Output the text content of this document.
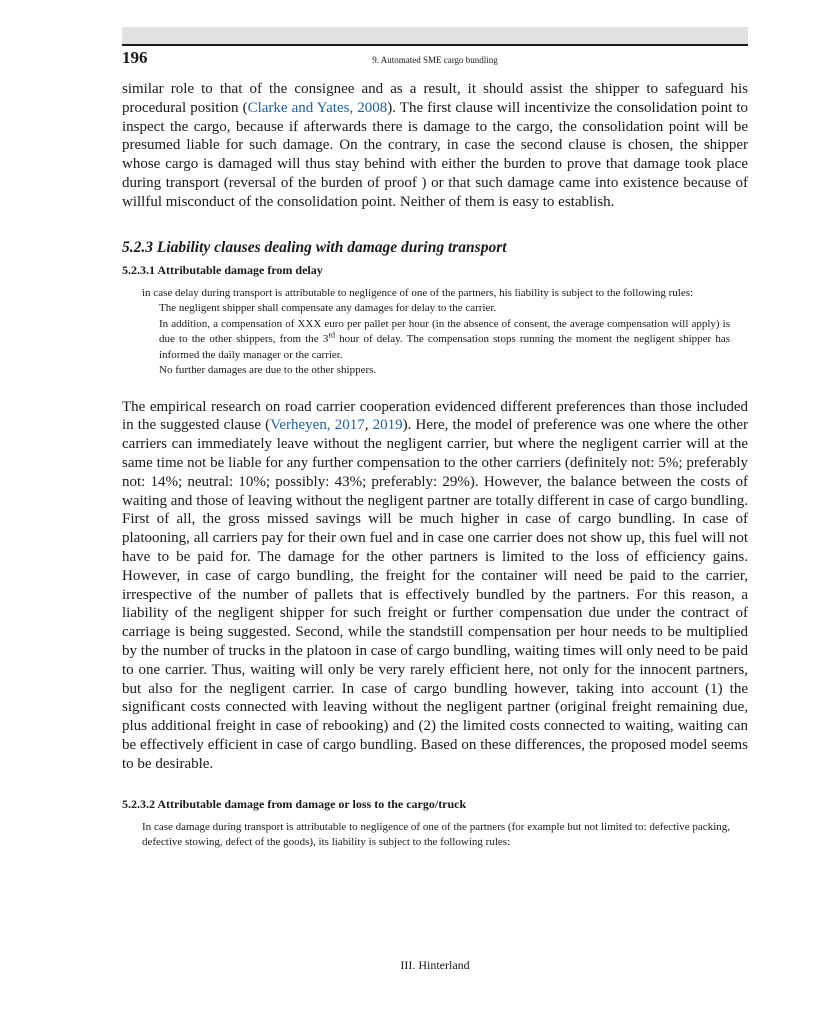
196	9. Automated SME cargo bundling

similar role to that of the consignee and as a result, it should assist the shipper to safeguard his procedural position (Clarke and Yates, 2008). The first clause will incentivize the consolidation point to inspect the cargo, because if afterwards there is damage to the cargo, the consolidation point will be presumed liable for such damage. On the contrary, in case the second clause is chosen, the shipper whose cargo is damaged will thus stay behind with either the burden to prove that damage took place during transport (reversal of the burden of proof ) or that such damage came into existence because of willful misconduct of the consolidation point. Neither of them is easy to establish.

5.2.3 Liability clauses dealing with damage during transport
5.2.3.1 Attributable damage from delay

in case delay during transport is attributable to negligence of one of the partners, his liability is subject to the following rules:

The negligent shipper shall compensate any damages for delay to the carrier.

In addition, a compensation of XXX euro per pallet per hour (in the absence of consent, the average compensation will apply) is due to the other shippers, from the 3rd hour of delay. The compensation stops running the moment the negligent shipper has informed the daily manager or the carrier.

No further damages are due to the other shippers.

The empirical research on road carrier cooperation evidenced different preferences than those included in the suggested clause (Verheyen, 2017, 2019). Here, the model of preference was one where the other carriers can immediately leave without the negligent carrier, but where the negligent carrier will at the same time not be liable for any further compensation to the other carriers (definitely not: 5%; preferably not: 14%; neutral: 10%; possibly: 43%; preferably: 29%). However, the balance between the costs of waiting and those of leaving without the negligent partner are totally different in case of cargo bundling. First of all, the gross missed savings will be much higher in case of cargo bundling. In case of platooning, all carriers pay for their own fuel and in case one carrier does not show up, this fuel will not have to be paid for. The damage for the other partners is limited to the loss of efficiency gains. However, in case of cargo bundling, the freight for the container will need be paid to the carrier, irrespective of the number of pallets that is effectively bundled by the partners. For this reason, a liability of the negligent shipper for such freight or further compensation due under the contract of carriage is being suggested. Second, while the standstill compensation per hour needs to be multiplied by the number of trucks in the platoon in case of cargo bundling, waiting times will only need to be paid to one carrier. Thus, waiting will only be very rarely efficient here, not only for the innocent partners, but also for the negligent carrier. In case of cargo bundling however, taking into account (1) the significant costs connected with leaving without the negligent partner (original freight remaining due, plus additional freight in case of rebooking) and (2) the limited costs connected to waiting, waiting can be effectively efficient in case of cargo bundling. Based on these differences, the proposed model seems to be desirable.

5.2.3.2 Attributable damage from damage or loss to the cargo/truck

In case damage during transport is attributable to negligence of one of the partners (for example but not limited to: defective packing, defective stowing, defect of the goods), its liability is subject to the following rules:

III. Hinterland
